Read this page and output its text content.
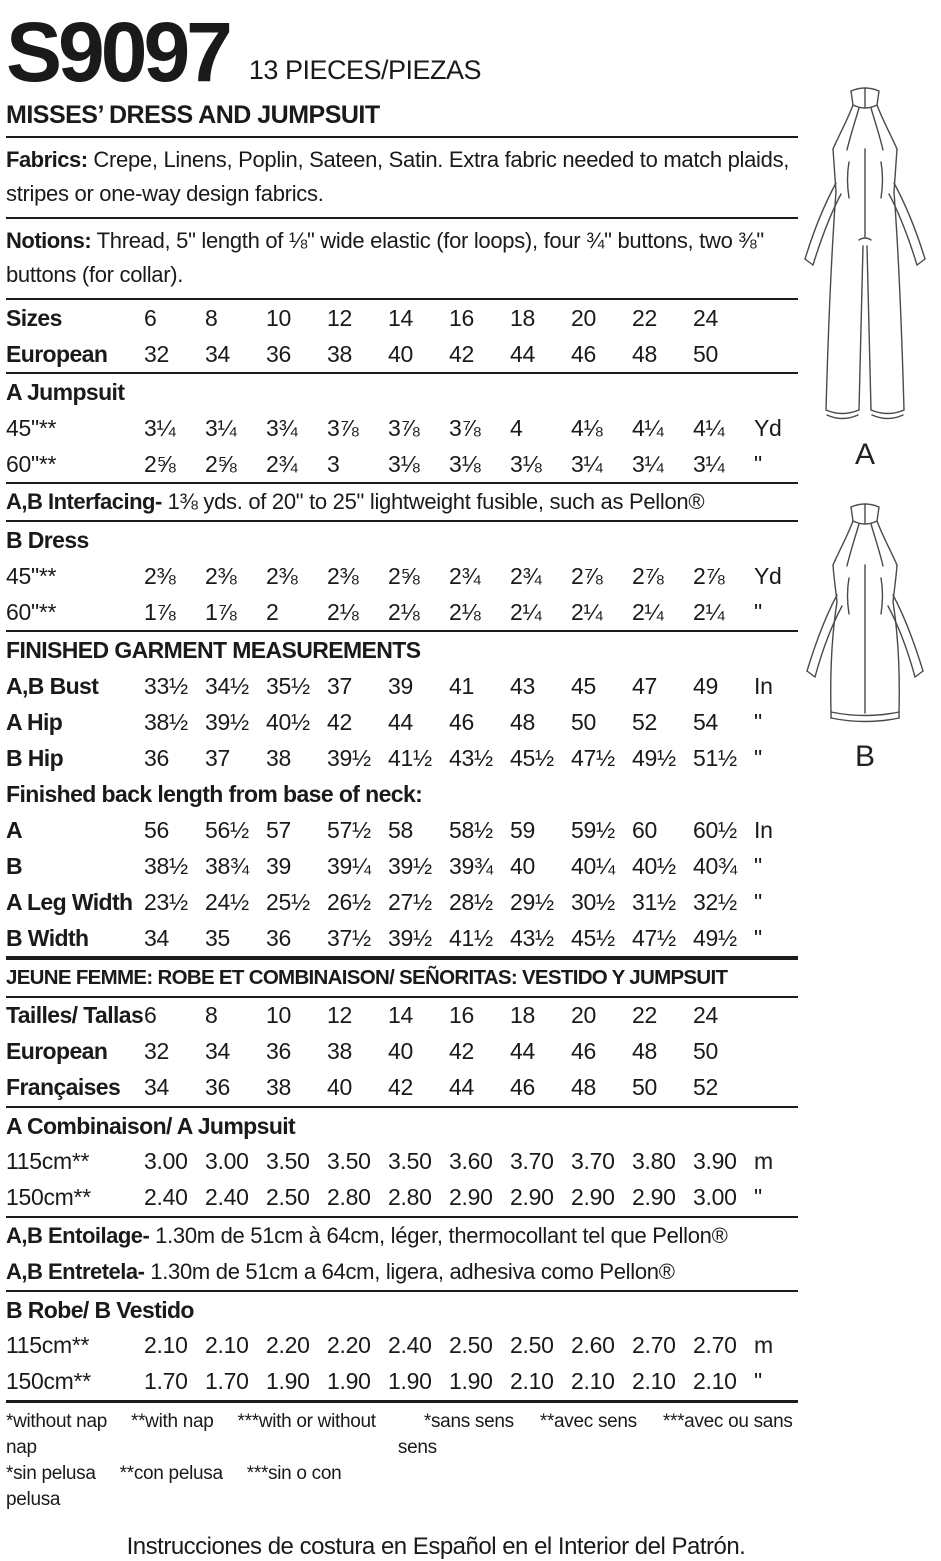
S9097 13 PIECES/PIEZAS
MISSES’ DRESS AND JUMPSUIT

Fabrics: Crepe, Linens, Poplin, Sateen, Satin. Extra fabric needed to match plaids, stripes or one-way design fabrics.

Notions: Thread, 5" length of ⅛" wide elastic (for loops), four ¾" buttons, two ⅜" buttons (for collar).

Sizes	6	8	10	12	14	16	18	20	22	24
European	32	34	36	38	40	42	44	46	48	50
A Jumpsuit
45"**	3¼	3¼	3¾	3⅞	3⅞	3⅞	4	4⅛	4¼	4¼	Yd
60"**	2⅝	2⅝	2¾	3	3⅛	3⅛	3⅛	3¼	3¼	3¼	"
A,B Interfacing- 1⅜ yds. of 20" to 25" lightweight fusible, such as Pellon®
B Dress
45"**	2⅜	2⅜	2⅜	2⅜	2⅝	2¾	2¾	2⅞	2⅞	2⅞	Yd
60"**	1⅞	1⅞	2	2⅛	2⅛	2⅛	2¼	2¼	2¼	2¼	"
FINISHED GARMENT MEASUREMENTS
A,B Bust	33½ 34½ 35½ 37	39	41	43	45	47	49	In
A Hip	38½ 39½ 40½ 42	44	46	48	50	52	54	"
B Hip	36	37	38	39½ 41½ 43½ 45½ 47½ 49½ 51½ "
Finished back length from base of neck:
A	56	56½ 57	57½ 58	58½ 59	59½ 60	60½ In
B	38½ 38¾ 39	39¼ 39½ 39¾ 40	40¼ 40½ 40¾ "
A Leg Width 23½ 24½ 25½ 26½ 27½ 28½ 29½ 30½ 31½ 32½ "
B Width	34	35	36	37½ 39½ 41½ 43½ 45½ 47½ 49½ "
JEUNE FEMME: ROBE ET COMBINAISON/ SEÑORITAS: VESTIDO Y JUMPSUIT
Tailles/ Tallas 6	8	10	12	14	16	18	20	22	24
European	32	34	36	38	40	42	44	46	48	50
Françaises	34	36	38	40	42	44	46	48	50	52
A Combinaison/ A Jumpsuit
115cm**	3.00 3.00 3.50 3.50 3.50 3.60 3.70 3.70 3.80 3.90 m
150cm**	2.40 2.40 2.50 2.80 2.80 2.90 2.90 2.90 2.90 3.00 "
A,B Entoilage- 1.30m de 51cm à 64cm, léger, thermocollant tel que Pellon®
A,B Entretela- 1.30m de 51cm a 64cm, ligera, adhesiva como Pellon®
B Robe/ B Vestido
115cm**	2.10 2.10 2.20 2.20 2.40 2.50 2.50 2.60 2.70 2.70 m
150cm**	1.70 1.70 1.90 1.90 1.90 1.90 2.10 2.10 2.10 2.10 "
*without nap **with nap ***with or without nap
*sin pelusa **con pelusa ***sin o con pelusa
*sans sens **avec sens ***avec ou sans sens
Instrucciones de costura en Español en el Interior del Patrón.
A
B
